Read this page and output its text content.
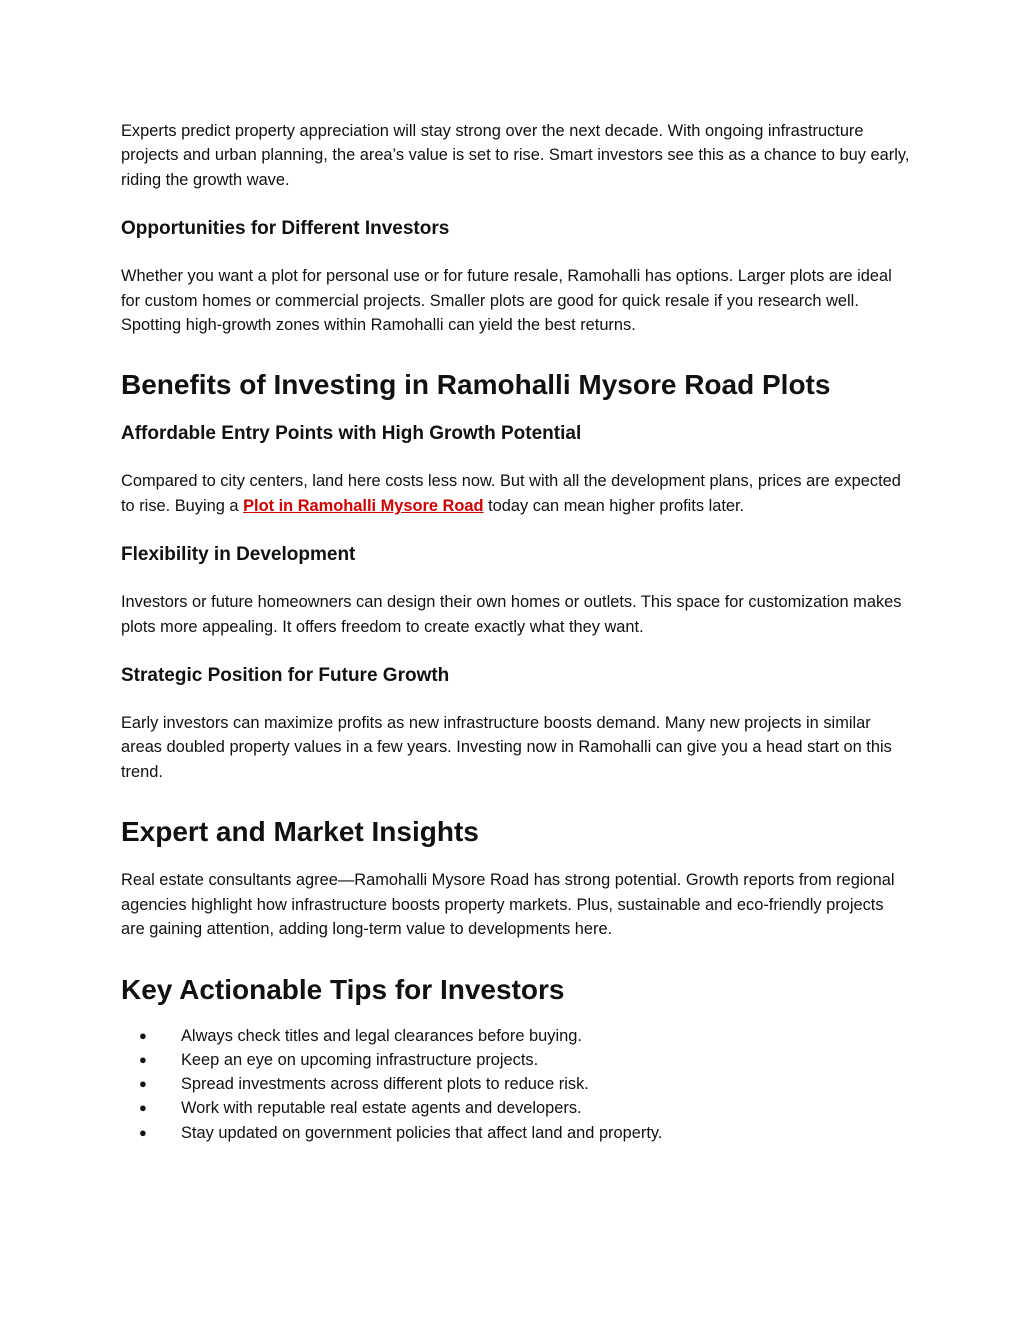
Experts predict property appreciation will stay strong over the next decade. With ongoing infrastructure projects and urban planning, the area’s value is set to rise. Smart investors see this as a chance to buy early, riding the growth wave.

Opportunities for Different Investors

Whether you want a plot for personal use or for future resale, Ramohalli has options. Larger plots are ideal for custom homes or commercial projects. Smaller plots are good for quick resale if you research well. Spotting high-growth zones within Ramohalli can yield the best returns.

Benefits of Investing in Ramohalli Mysore Road Plots
Affordable Entry Points with High Growth Potential

Compared to city centers, land here costs less now. But with all the development plans, prices are expected to rise. Buying a Plot in Ramohalli Mysore Road today can mean higher profits later.

Flexibility in Development

Investors or future homeowners can design their own homes or outlets. This space for customization makes plots more appealing. It offers freedom to create exactly what they want.

Strategic Position for Future Growth

Early investors can maximize profits as new infrastructure boosts demand. Many new projects in similar areas doubled property values in a few years. Investing now in Ramohalli can give you a head start on this trend.

Expert and Market Insights

Real estate consultants agree—Ramohalli Mysore Road has strong potential. Growth reports from regional agencies highlight how infrastructure boosts property markets. Plus, sustainable and eco-friendly projects are gaining attention, adding long-term value to developments here.

Key Actionable Tips for Investors
● Always check titles and legal clearances before buying.
● Keep an eye on upcoming infrastructure projects.
● Spread investments across different plots to reduce risk.
● Work with reputable real estate agents and developers.
● Stay updated on government policies that affect land and property.
